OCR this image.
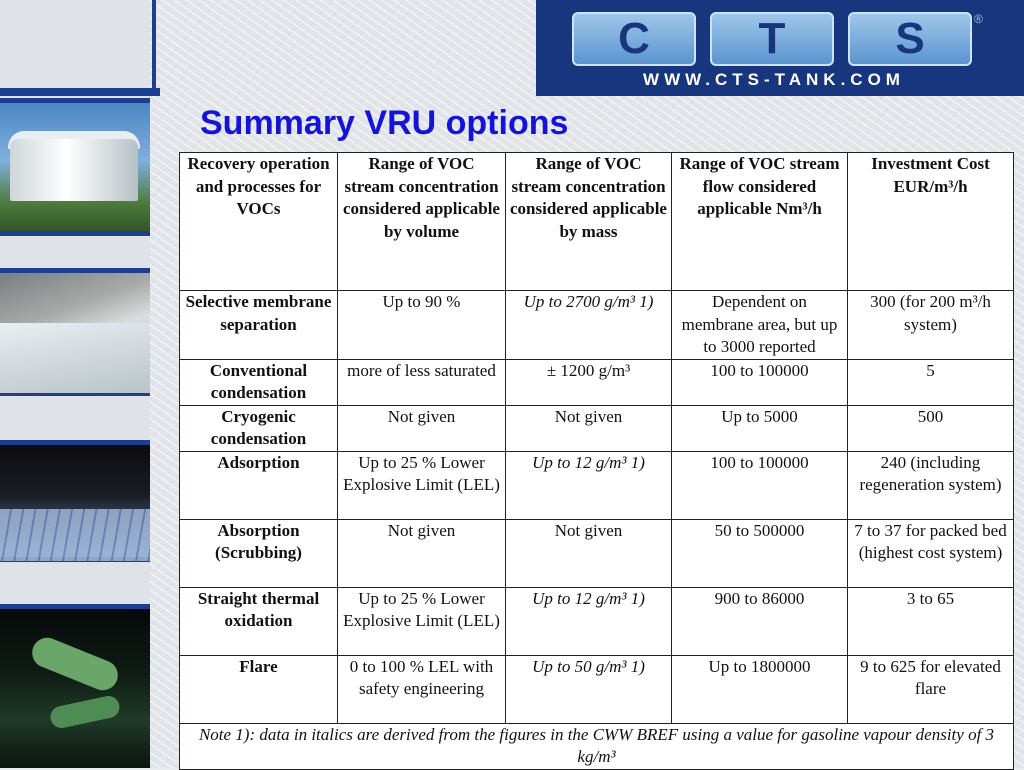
C	T	S	®
WWW.CTS-TANK.COM
Summary VRU options
Recovery operation and processes for VOCs	Range of VOC stream concentration considered applicable by volume	Range of VOC stream concentration considered applicable by mass	Range of VOC stream flow considered applicable Nm³/h	Investment Cost EUR/m³/h
Selective membrane separation	Up to 90 %	Up to 2700 g/m³ 1)	Dependent on membrane area, but up to 3000 reported	300 (for 200 m³/h system)
Conventional condensation	more of less saturated	± 1200 g/m³	100 to 100000	5
Cryogenic condensation	Not given	Not given	Up to 5000	500
Adsorption	Up to 25 % Lower Explosive Limit (LEL)	Up to 12 g/m³ 1)	100 to 100000	240 (including regeneration system)
Absorption (Scrubbing)	Not given	Not given	50 to 500000	7 to 37 for packed bed (highest cost system)
Straight thermal oxidation	Up to 25 % Lower Explosive Limit (LEL)	Up to 12 g/m³ 1)	900 to 86000	3 to 65
Flare	0 to 100 % LEL with safety engineering	Up to 50 g/m³ 1)	Up to 1800000	9 to 625 for elevated flare
Note 1): data in italics are derived from the figures in the CWW BREF using a value for gasoline vapour density of 3 kg/m³				
